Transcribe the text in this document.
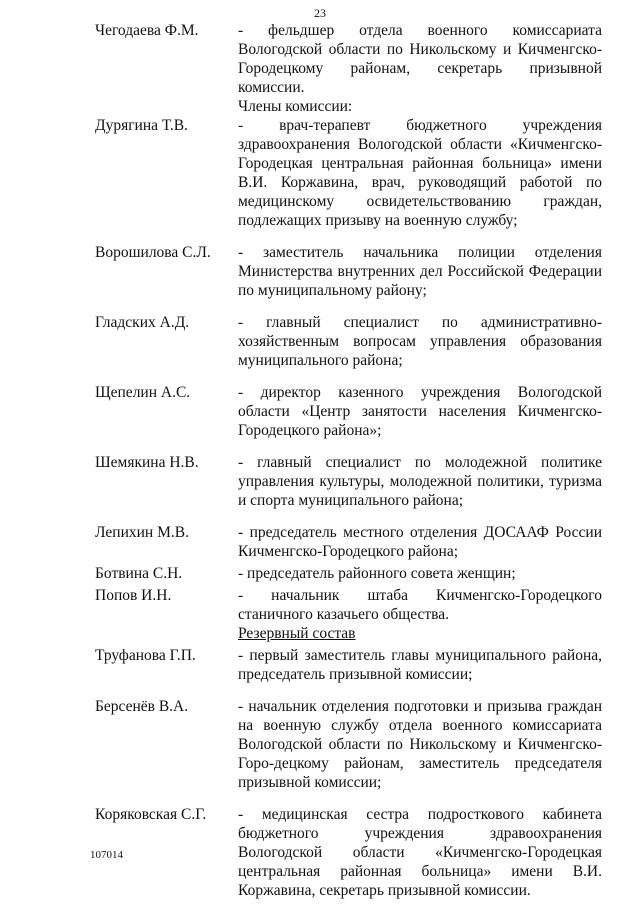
23
Чегодаева Ф.М.	- фельдшер отдела военного комиссариата Вологодской области по Никольскому и Кичменгско-Городецкому районам, секретарь призывной комиссии.
Члены комиссии:
Дурягина Т.В.	- врач-терапевт бюджетного учреждения здравоохранения Вологодской области «Кичменгско-Городецкая центральная районная больница» имени В.И. Коржавина, врач, руководящий работой по медицинскому освидетельствованию граждан, подлежащих призыву на военную службу;
Ворошилова С.Л. - заместитель начальника полиции отделения Министерства внутренних дел Российской Федерации по муниципальному району;
Гладских А.Д.	- главный специалист по административно-хозяйственным вопросам управления образования муниципального района;
Щепелин А.С.	- директор казенного учреждения Вологодской области «Центр занятости населения Кичменгско-Городецкого района»;
Шемякина Н.В.	- главный специалист по молодежной политике управления культуры, молодежной политики, туризма и спорта муниципального района;
Лепихин М.В.	- председатель местного отделения ДОСААФ России Кичменгско-Городецкого района;
Ботвина С.Н.	- председатель районного совета женщин;
Попов И.Н.	- начальник штаба Кичменгско-Городецкого станичного казачьего общества.
Резервный состав
Труфанова Г.П.	- первый заместитель главы муниципального района, председатель призывной комиссии;
Берсенёв В.А.	- начальник отделения подготовки и призыва граждан на военную службу отдела военного комиссариата Вологодской области по Никольскому и Кичменгско-Горо-децкому районам, заместитель председателя призывной комиссии;
Коряковская С.Г. - медицинская сестра подросткового кабинета бюджетного учреждения здравоохранения Вологодской области «Кичменгско-Городецкая центральная районная больница» имени В.И. Коржавина, секретарь призывной комиссии.
107014
